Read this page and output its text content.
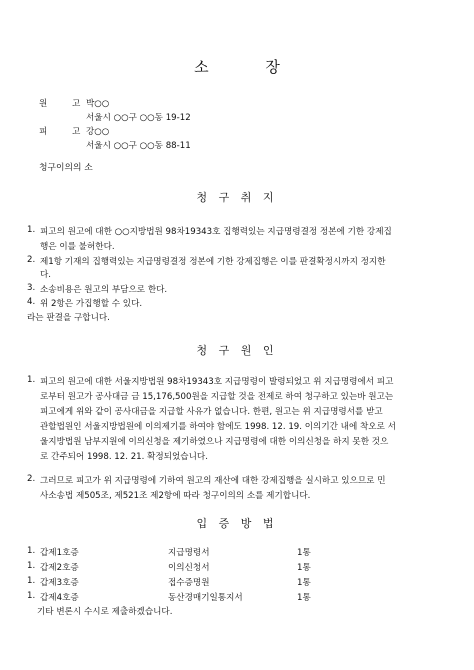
소 장
원 고
박○○
서울시 ○○구 ○○동 19-12
피 고
강○○
서울시 ○○구 ○○동 88-11
청구이의의 소
청 구 취 지
1. 피고의 원고에 대한 ○○지방법원 98차19343호 집행력있는 지급명령결정 정본에 기한 강제집
행은 이를 불허한다.
2. 제1항 기재의 집행력있는 지급명령결정 정본에 기한 강제집행은 이를 판결확정시까지 정지한
다.
3. 소송비용은 원고의 부담으로 한다.
4. 위 2항은 가집행할 수 있다.
라는 판결을 구합니다.
청 구 원 인
1. 피고의 원고에 대한 서울지방법원 98차19343호 지급명령이 발령되었고 위 지급명령에서 피고
로부터 원고가 공사대금 금 15,176,500원을 지급할 것을 전제로 하여 청구하고 있는바 원고는
피고에게 위와 같이 공사대금을 지급할 사유가 없습니다. 한편, 원고는 위 지급명령서를 받고
관할법원인 서울지방법원에 이의제기를 하여야 함에도 1998. 12. 19. 이의기간 내에 착오로 서
울지방법원 남부지원에 이의신청을 제기하였으나 지급명령에 대한 이의신청을 하지 못한 것으
로 간주되어 1998. 12. 21. 확정되었습니다.
2. 그러므로 피고가 위 지급명령에 기하여 원고의 재산에 대한 강제집행을 실시하고 있으므로 민
사소송법 제505조, 제521조 제2항에 따라 청구이의의 소를 제기합니다.
입 증 방 법
1. 갑제1호증	지급명령서	1통
1. 갑제2호증	이의신청서	1통
1. 갑제3호증	접수증명원	1통
1. 갑제4호증	동산경매기일통지서	1통
기타 변론시 수시로 제출하겠습니다.
